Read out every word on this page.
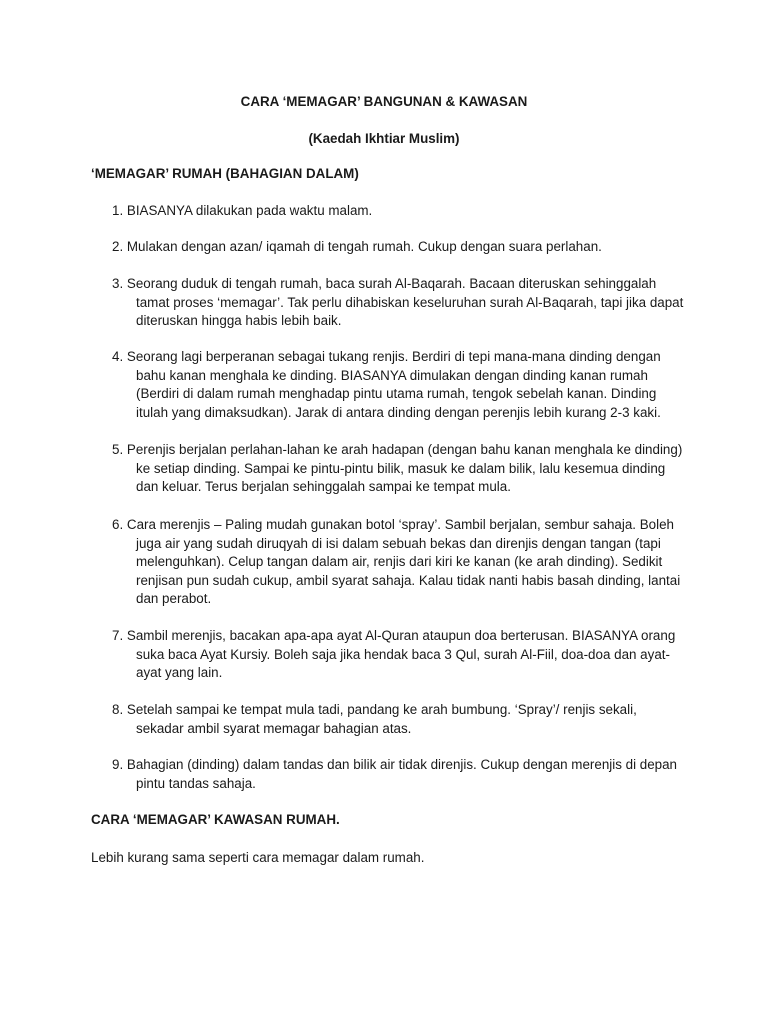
CARA ‘MEMAGAR’ BANGUNAN & KAWASAN
(Kaedah Ikhtiar Muslim)
‘MEMAGAR’ RUMAH (BAHAGIAN DALAM)
1. BIASANYA dilakukan pada waktu malam.
2. Mulakan dengan azan/ iqamah di tengah rumah. Cukup dengan suara perlahan.
3. Seorang duduk di tengah rumah, baca surah Al-Baqarah. Bacaan diteruskan sehinggalah tamat proses ‘memagar’. Tak perlu dihabiskan keseluruhan surah Al-Baqarah, tapi jika dapat diteruskan hingga habis lebih baik.
4. Seorang lagi berperanan sebagai tukang renjis. Berdiri di tepi mana-mana dinding dengan bahu kanan menghala ke dinding. BIASANYA dimulakan dengan dinding kanan rumah (Berdiri di dalam rumah menghadap pintu utama rumah, tengok sebelah kanan. Dinding itulah yang dimaksudkan). Jarak di antara dinding dengan perenjis lebih kurang 2-3 kaki.
5. Perenjis berjalan perlahan-lahan ke arah hadapan (dengan bahu kanan menghala ke dinding) ke setiap dinding. Sampai ke pintu-pintu bilik, masuk ke dalam bilik, lalu kesemua dinding dan keluar. Terus berjalan sehinggalah sampai ke tempat mula.
6. Cara merenjis – Paling mudah gunakan botol ‘spray’. Sambil berjalan, sembur sahaja. Boleh juga air yang sudah diruqyah di isi dalam sebuah bekas dan direnjis dengan tangan (tapi melenguhkan). Celup tangan dalam air, renjis dari kiri ke kanan (ke arah dinding). Sedikit renjisan pun sudah cukup, ambil syarat sahaja. Kalau tidak nanti habis basah dinding, lantai dan perabot.
7. Sambil merenjis, bacakan apa-apa ayat Al-Quran ataupun doa berterusan. BIASANYA orang suka baca Ayat Kursiy. Boleh saja jika hendak baca 3 Qul, surah Al-Fiil, doa-doa dan ayat-ayat yang lain.
8. Setelah sampai ke tempat mula tadi, pandang ke arah bumbung. ‘Spray’/ renjis sekali, sekadar ambil syarat memagar bahagian atas.
9. Bahagian (dinding) dalam tandas dan bilik air tidak direnjis. Cukup dengan merenjis di depan pintu tandas sahaja.
CARA ‘MEMAGAR’ KAWASAN RUMAH.
Lebih kurang sama seperti cara memagar dalam rumah.
